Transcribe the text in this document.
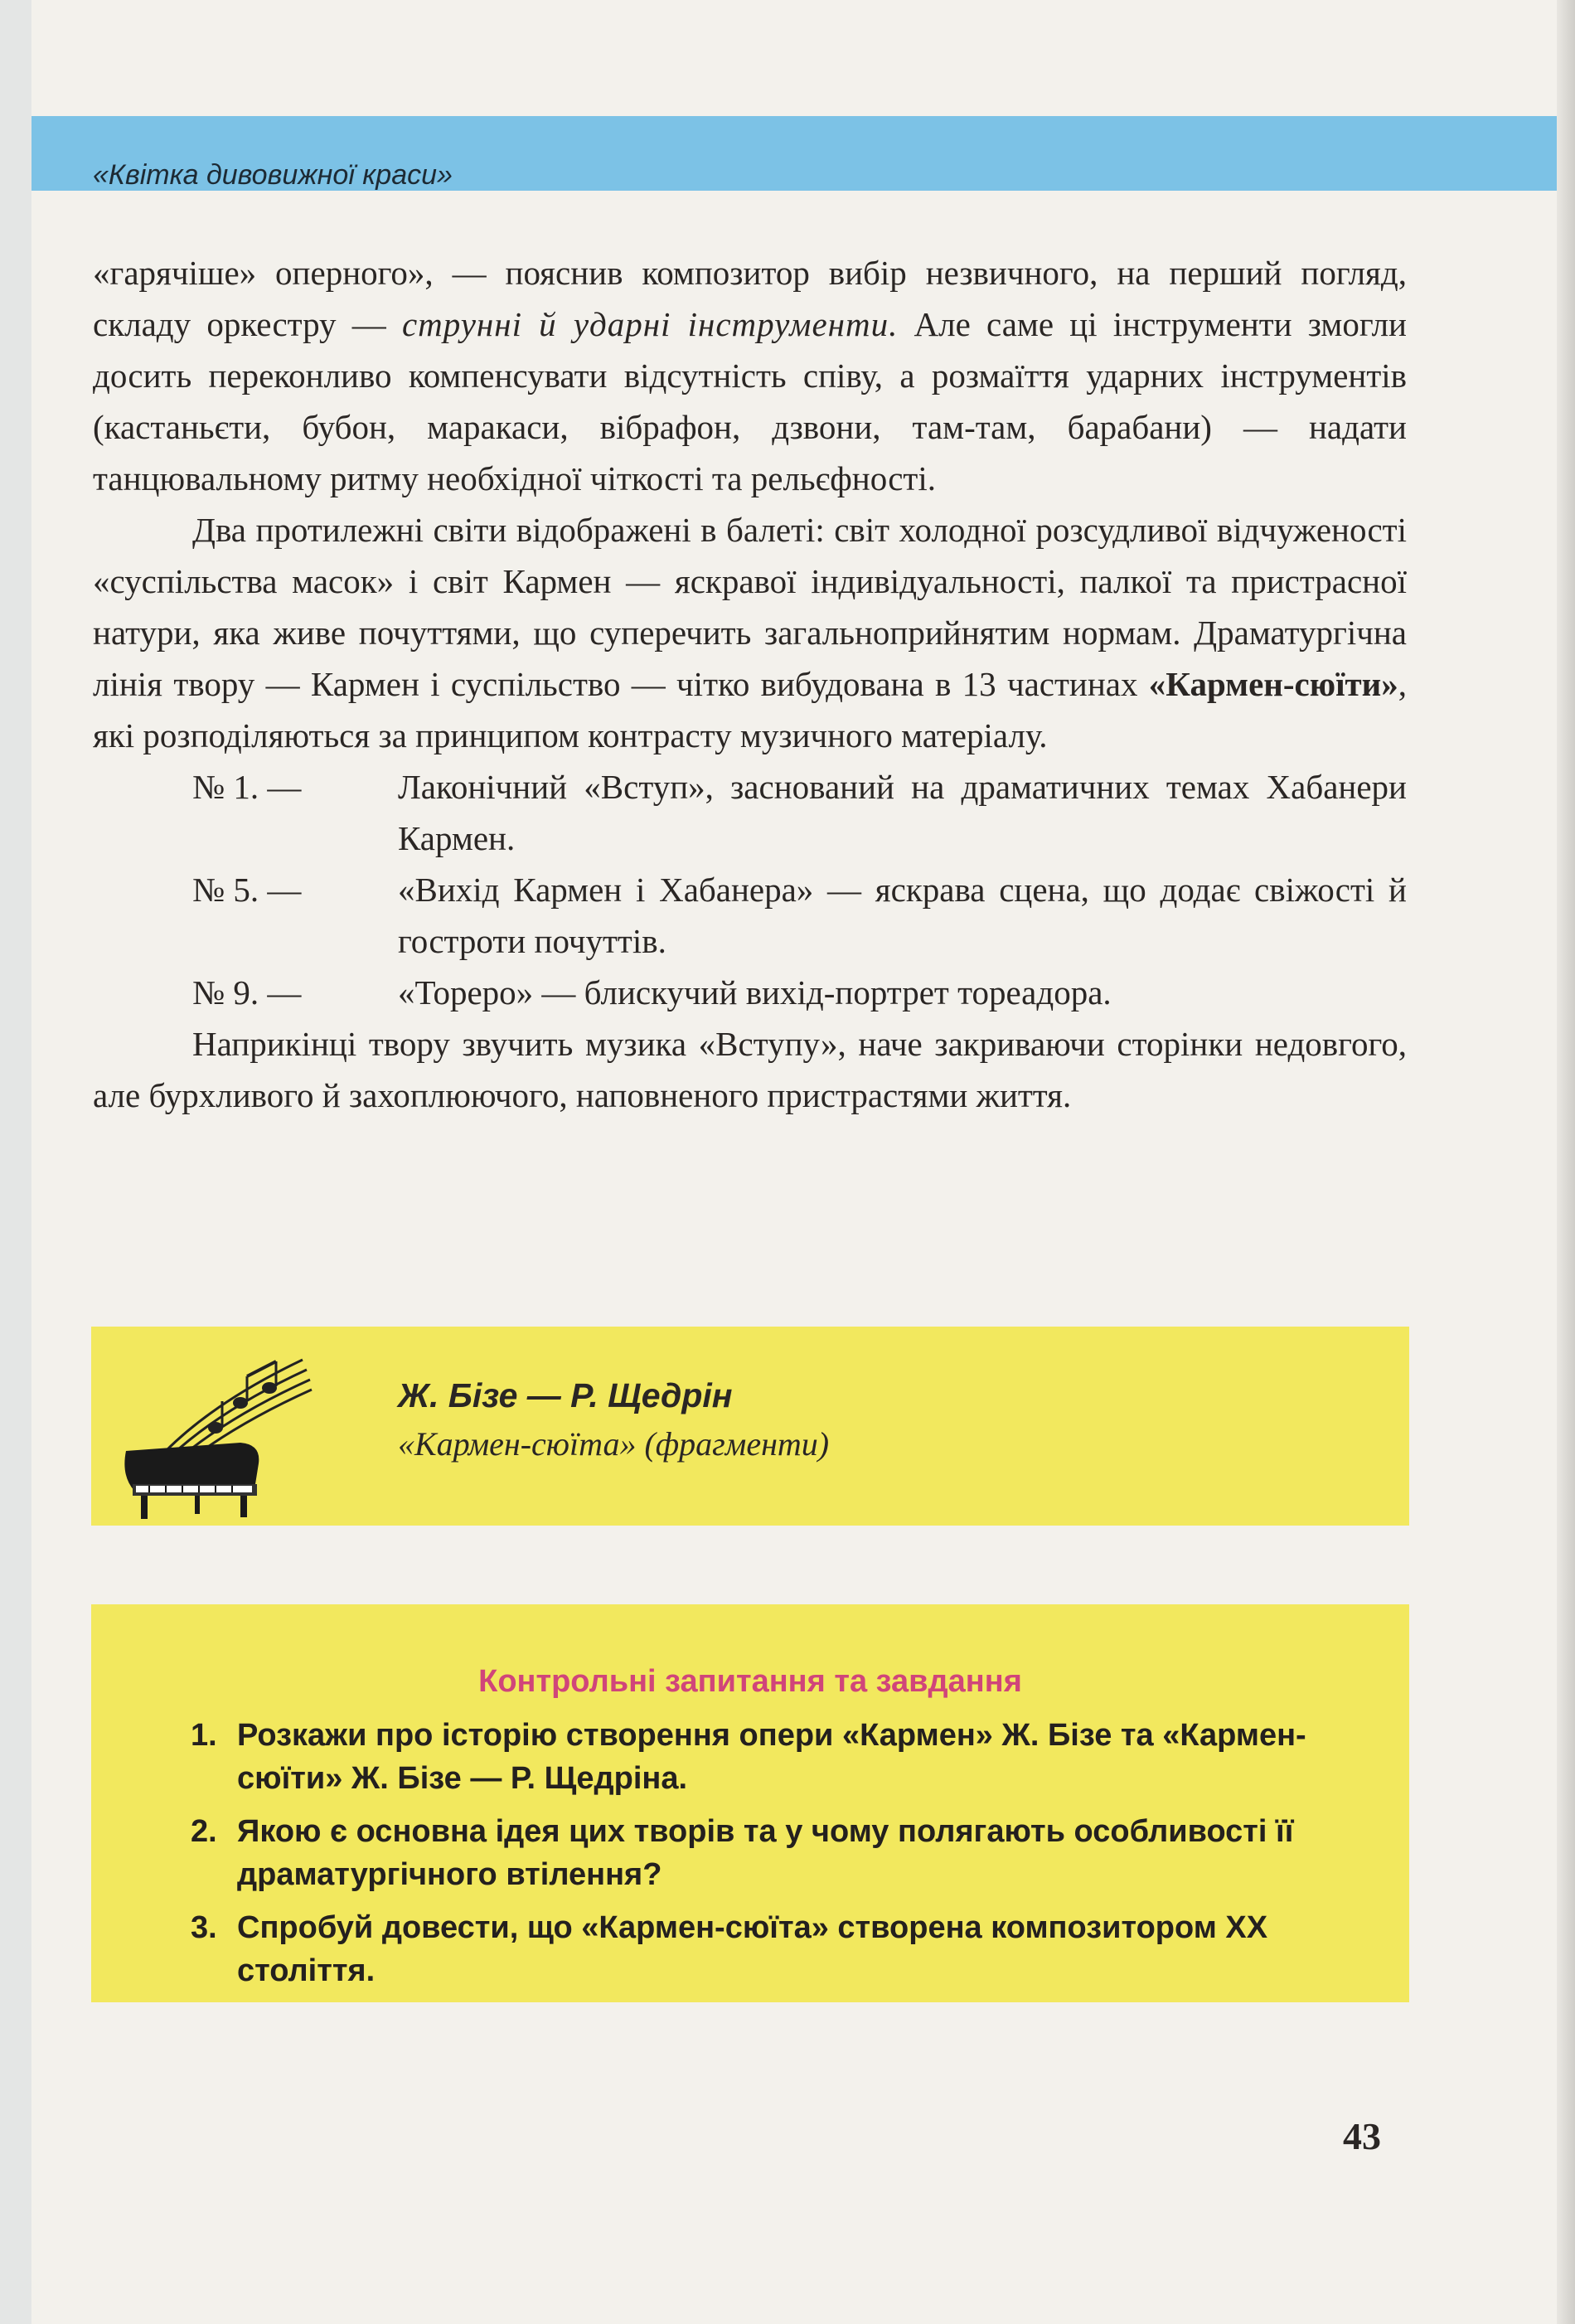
«Квітка дивовижної краси»

«гарячіше» оперного», — пояснив композитор вибір незвичного, на перший погляд, складу оркестру — струнні й ударні інструменти. Але саме ці інструменти змогли досить переконливо компенсувати відсутність співу, а розмаїття ударних інструментів (кастаньєти, бубон, маракаси, вібрафон, дзвони, там-там, барабани) — надати танцювальному ритму необхідної чіткості та рельєфності.

Два протилежні світи відображені в балеті: світ холодної розсудливої відчуженості «суспільства масок» і світ Кармен — яскравої індивідуальності, палкої та пристрасної натури, яка живе почуттями, що суперечить загальноприйнятим нормам. Драматургічна лінія твору — Кармен і суспільство — чітко вибудована в 13 частинах «Кармен-сюїти», які розподіляються за принципом контрасту музичного матеріалу.

№ 1. —	Лаконічний «Вступ», заснований на драматичних темах Хабанери Кармен.
№ 5. —	«Вихід Кармен і Хабанера» — яскрава сцена, що додає свіжості й гостроти почуттів.
№ 9. —	«Тореро» — блискучий вихід-портрет тореадора.

Наприкінці твору звучить музика «Вступу», наче закриваючи сторінки недовгого, але бурхливого й захоплюючого, наповненого пристрастями життя.

Ж. Бізе — Р. Щедрін
«Кармен-сюїта» (фрагменти)
Контрольні запитання та завдання
1. Розкажи про історію створення опери «Кармен» Ж. Бізе та «Кармен-сюїти» Ж. Бізе — Р. Щедріна.
2. Якою є основна ідея цих творів та у чому полягають особливості її драматургічного втілення?
3. Спробуй довести, що «Кармен-сюїта» створена композитором XX століття.
43
